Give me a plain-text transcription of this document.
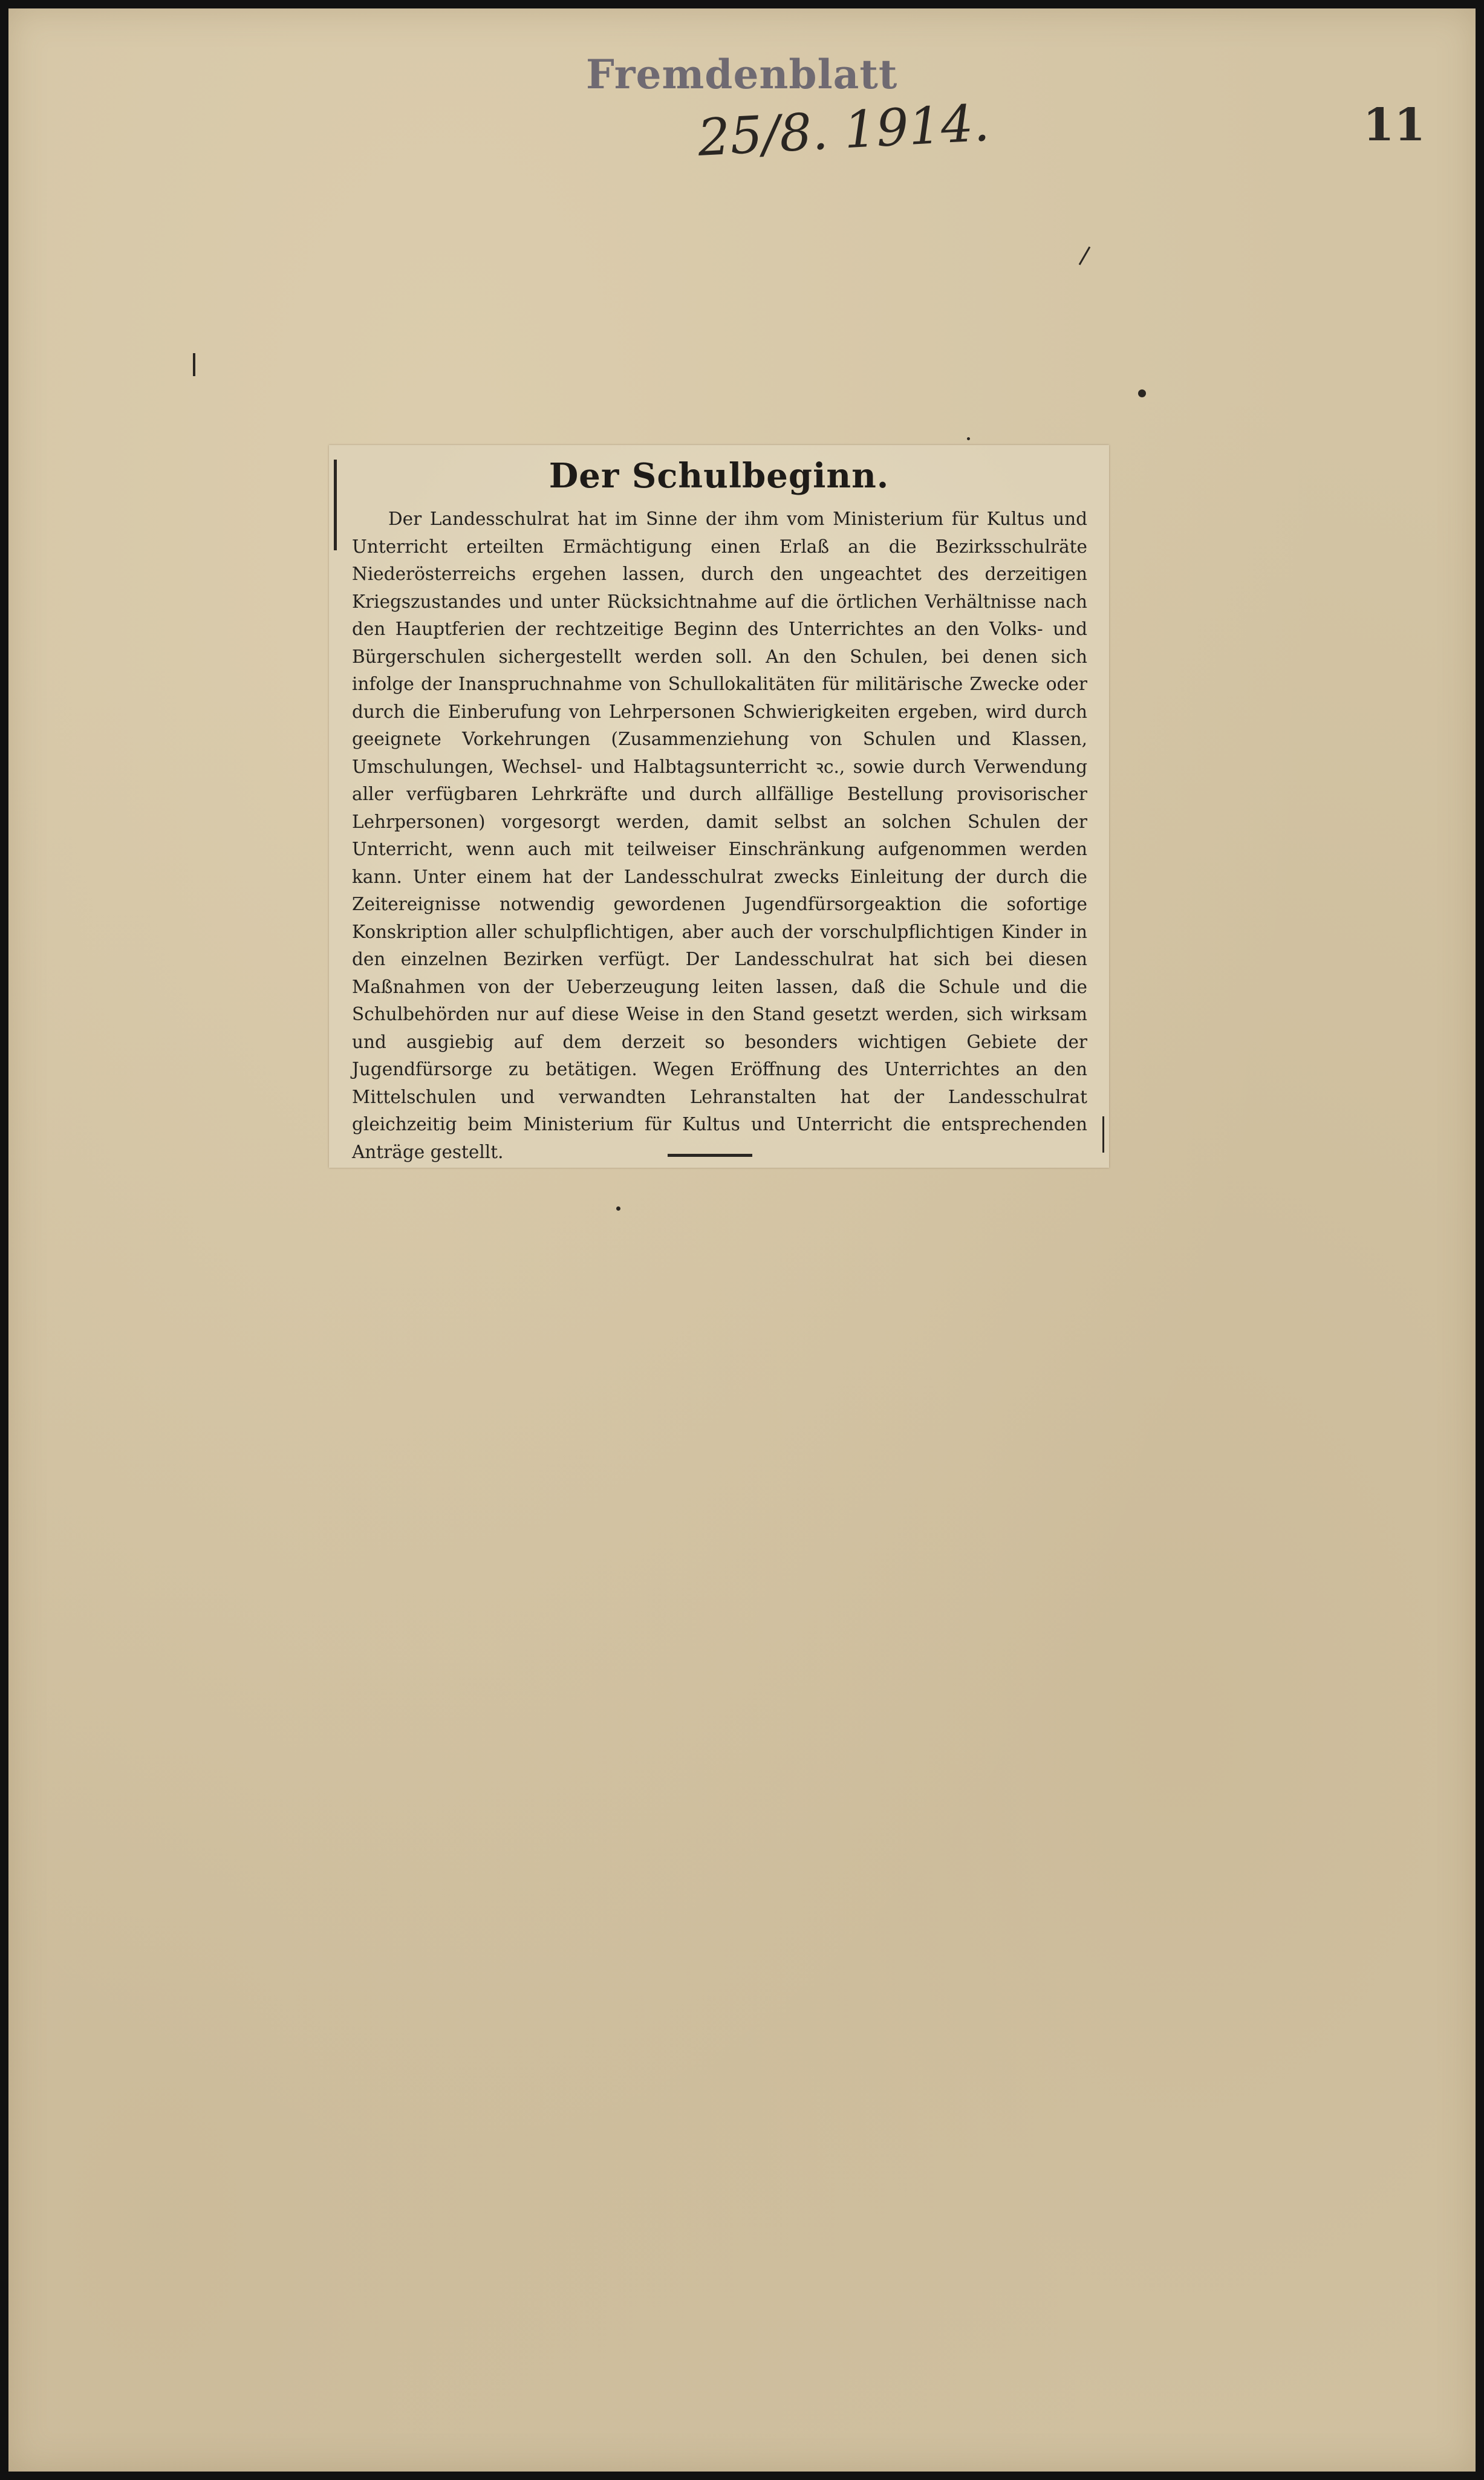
Fremdenblatt
25/8. 1914.	11
Der Schulbeginn.
Der Landesschulrat hat im Sinne der ihm vom Ministerium für Kultus und Unterricht erteilten Ermächtigung einen Erlaß an die Bezirksschulräte Niederösterreichs ergehen lassen, durch den ungeachtet des derzeitigen Kriegszustandes und unter Rücksichtnahme auf die örtlichen Verhältnisse nach den Hauptferien der rechtzeitige Beginn des Unterrichtes an den Volks- und Bürgerschulen sichergestellt werden soll. An den Schulen, bei denen sich infolge der Inanspruchnahme von Schullokalitäten für militärische Zwecke oder durch die Einberufung von Lehrpersonen Schwierigkeiten ergeben, wird durch geeignete Vorkehrungen (Zusammenziehung von Schulen und Klassen, Umschulungen, Wechsel- und Halbtagsunterricht ꝛc., sowie durch Verwendung aller verfügbaren Lehrkräfte und durch allfällige Bestellung provisorischer Lehrpersonen) vorgesorgt werden, damit selbst an solchen Schulen der Unterricht, wenn auch mit teilweiser Einschränkung aufgenommen werden kann. Unter einem hat der Landesschulrat zwecks Einleitung der durch die Zeitereignisse notwendig gewordenen Jugendfürsorgeaktion die sofortige Konskription aller schulpflichtigen, aber auch der vorschulpflichtigen Kinder in den einzelnen Bezirken verfügt. Der Landesschulrat hat sich bei diesen Maßnahmen von der Ueberzeugung leiten lassen, daß die Schule und die Schulbehörden nur auf diese Weise in den Stand gesetzt werden, sich wirksam und ausgiebig auf dem derzeit so besonders wichtigen Gebiete der Jugendfürsorge zu betätigen. Wegen Eröffnung des Unterrichtes an den Mittelschulen und verwandten Lehranstalten hat der Landesschulrat gleichzeitig beim Ministerium für Kultus und Unterricht die entsprechenden Anträge gestellt.
